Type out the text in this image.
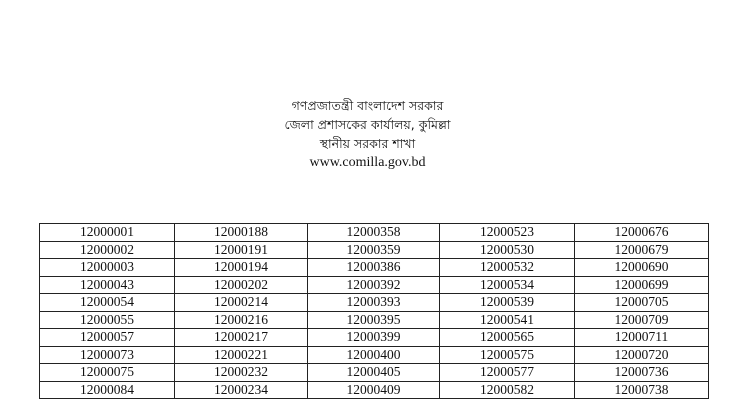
গণপ্রজাতন্ত্রী বাংলাদেশ সরকার
জেলা প্রশাসকের কার্যালয়, কুমিল্লা
স্থানীয় সরকার শাখা
www.comilla.gov.bd
12000001	12000188	12000358	12000523	12000676
12000002	12000191	12000359	12000530	12000679
12000003	12000194	12000386	12000532	12000690
12000043	12000202	12000392	12000534	12000699
12000054	12000214	12000393	12000539	12000705
12000055	12000216	12000395	12000541	12000709
12000057	12000217	12000399	12000565	12000711
12000073	12000221	12000400	12000575	12000720
12000075	12000232	12000405	12000577	12000736
12000084	12000234	12000409	12000582	12000738
